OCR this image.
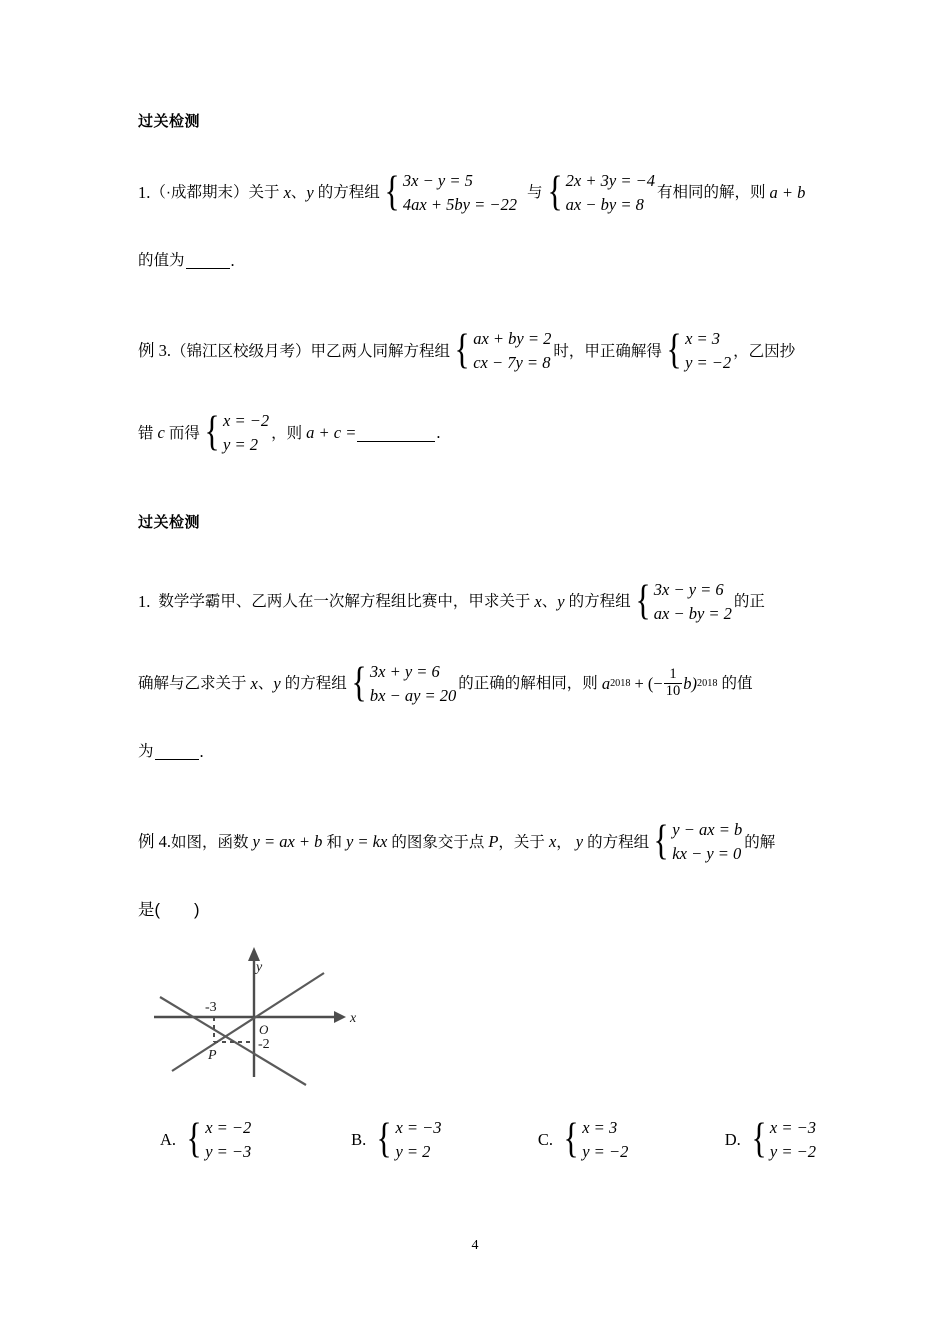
过关检测
1. （·成都期末） 关于 x 、 y 的方程组 { 3x − y = 5
4ax + 5by = −22
与 { 2x + 3y = −4
ax − by = 8
有相同的解，则 a + b
的值为	.
例 3. （锦江区校级月考） 甲乙两人同解方程组 { ax + by = 2
cx − 7y = 8
时，甲正确解得 { x = 3
y = −2
，乙因抄
错 c 而得 { x = −2
y = 2
，则 a + c =	.
过关检测
1. 数学学霸甲、乙两人在一次解方程组比赛中，甲求关于 x 、 y 的方程组 { 3x − y = 6
ax − by = 2
的正
确解与乙求关于 x 、 y 的方程组 { 3x + y = 6
bx − ay = 20
的正确的解相同，则 a 2018 + (− $\frac{1}{10} b$) 2018 的值
为	.
例 4. 如图，函数 y = ax + b 和 y = kx 的图象交于点 P ，关于 x ， y 的方程组 { y − ax = b
kx − y = 0
的解
是( )
y
x
O
-3
-2
P
A. { x = −2
y = −3
B. { x = −3
y = 2
C. { x = 3
y = −2
D. { x = −3
y = −2
4
